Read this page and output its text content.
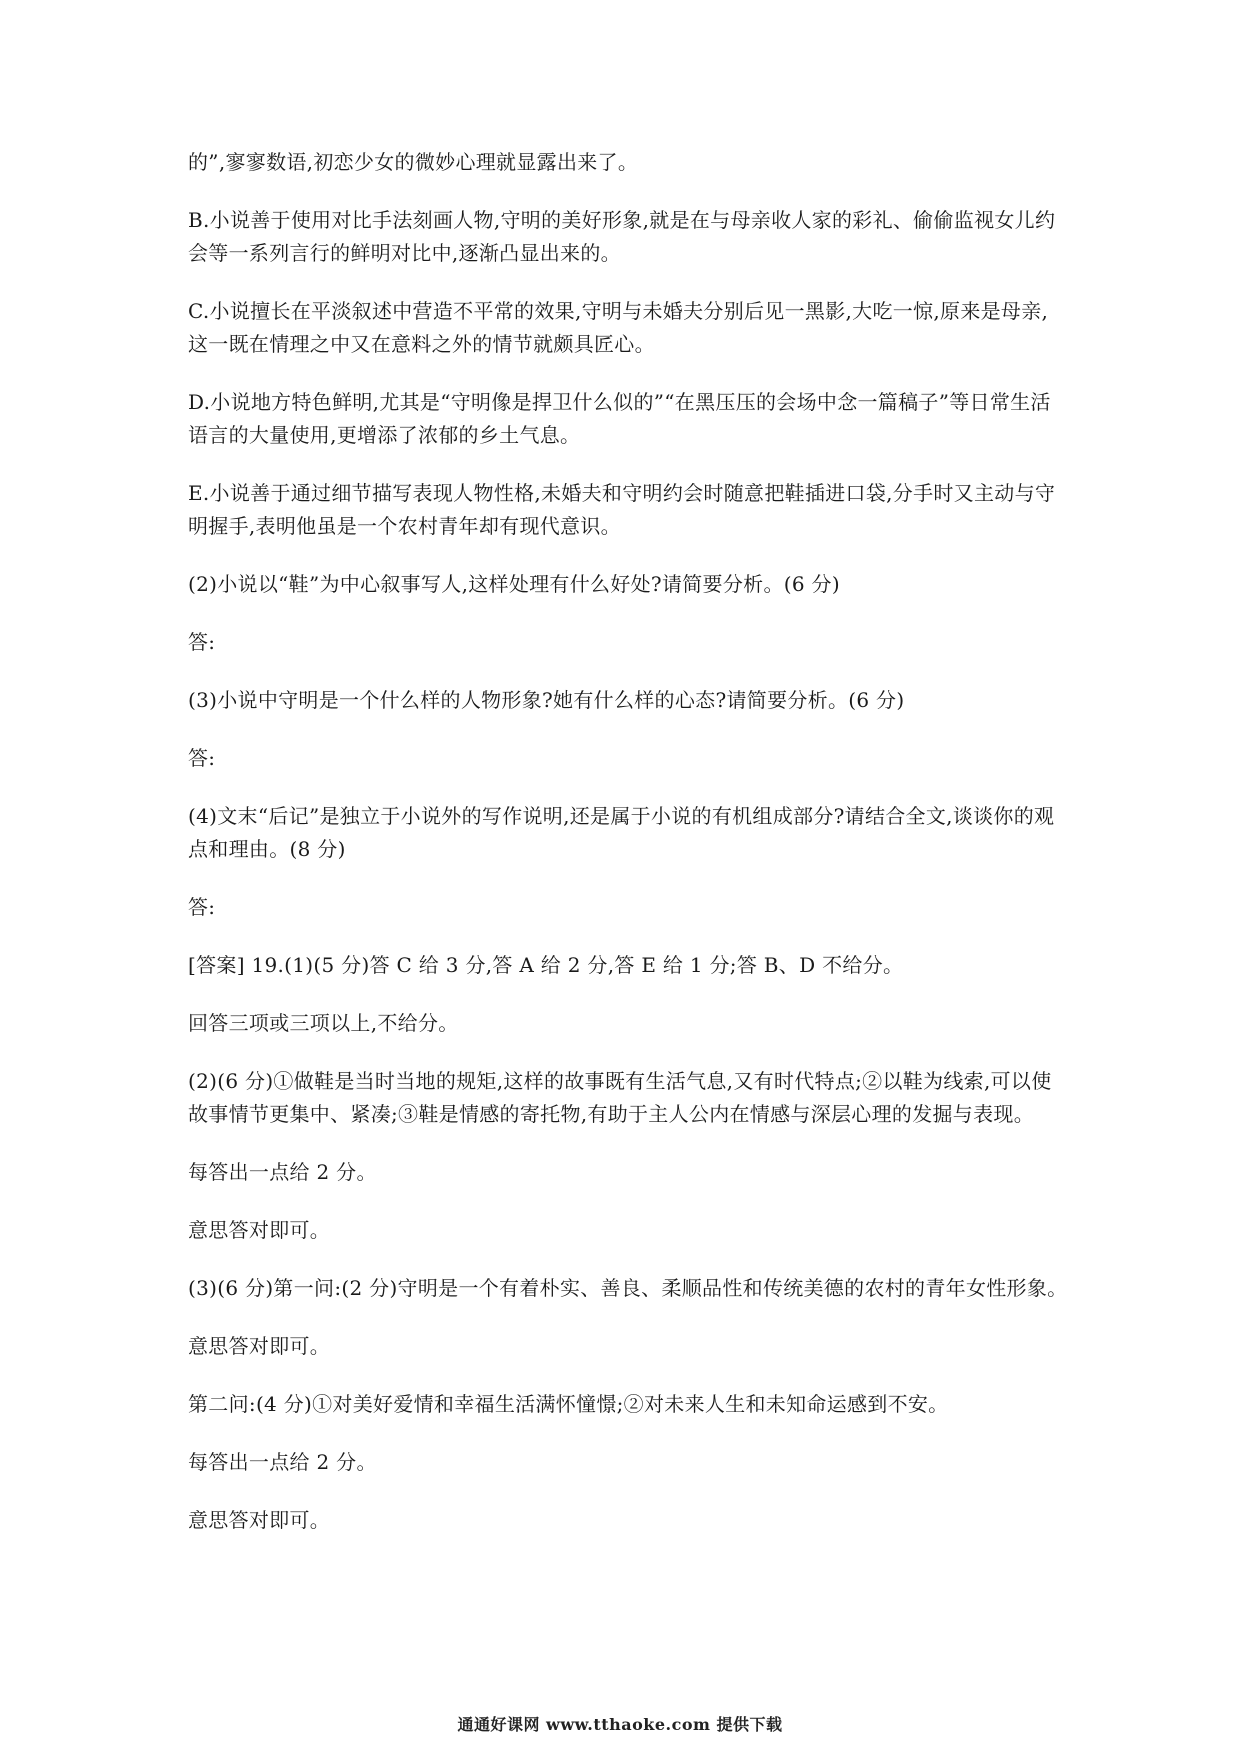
的”,寥寥数语,初恋少女的微妙心理就显露出来了。

B.小说善于使用对比手法刻画人物,守明的美好形象,就是在与母亲收人家的彩礼、偷偷监视女儿约会等一系列言行的鲜明对比中,逐渐凸显出来的。

C.小说擅长在平淡叙述中营造不平常的效果,守明与未婚夫分别后见一黑影,大吃一惊,原来是母亲,这一既在情理之中又在意料之外的情节就颇具匠心。

D.小说地方特色鲜明,尤其是“守明像是捍卫什么似的”“在黑压压的会场中念一篇稿子”等日常生活语言的大量使用,更增添了浓郁的乡土气息。

E.小说善于通过细节描写表现人物性格,未婚夫和守明约会时随意把鞋插进口袋,分手时又主动与守明握手,表明他虽是一个农村青年却有现代意识。

(2)小说以“鞋”为中心叙事写人,这样处理有什么好处?请简要分析。(6 分)

答:

(3)小说中守明是一个什么样的人物形象?她有什么样的心态?请简要分析。(6 分)

答:

(4)文末“后记”是独立于小说外的写作说明,还是属于小说的有机组成部分?请结合全文,谈谈你的观点和理由。(8 分)

答:

[答案] 19.(1)(5 分)答 C 给 3 分,答 A 给 2 分,答 E 给 1 分;答 B、D 不给分。

回答三项或三项以上,不给分。

(2)(6 分)①做鞋是当时当地的规矩,这样的故事既有生活气息,又有时代特点;②以鞋为线索,可以使故事情节更集中、紧凑;③鞋是情感的寄托物,有助于主人公内在情感与深层心理的发掘与表现。

每答出一点给 2 分。

意思答对即可。

(3)(6 分)第一问:(2 分)守明是一个有着朴实、善良、柔顺品性和传统美德的农村的青年女性形象。

意思答对即可。

第二问:(4 分)①对美好爱情和幸福生活满怀憧憬;②对未来人生和未知命运感到不安。

每答出一点给 2 分。

意思答对即可。

通通好课网 www.tthaoke.com 提供下载
